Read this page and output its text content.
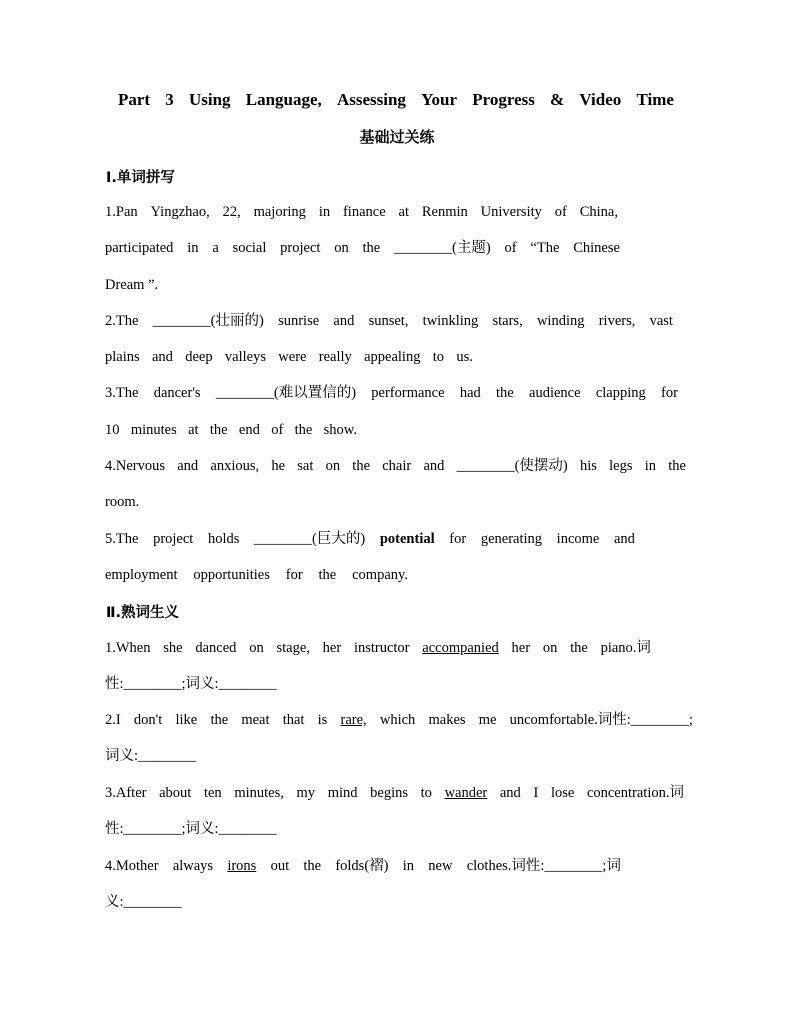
Part 3 Using Language, Assessing Your Progress & Video Time
基础过关练
Ⅰ.单词拼写
1.Pan Yingzhao, 22, majoring in finance at Renmin University of China,
participated in a social project on the ________(主题) of “The Chinese
Dream ”.
2.The ________(壮丽的) sunrise and sunset, twinkling stars, winding rivers, vast
plains and deep valleys were really appealing to us.
3.The dancer's ________(难以置信的) performance had the audience clapping for
10 minutes at the end of the show.
4.Nervous and anxious, he sat on the chair and ________(使摆动) his legs in the
room.
5.The project holds ________(巨大的) potential for generating income and
employment opportunities for the company.
Ⅱ.熟词生义
1.When she danced on stage, her instructor accompanied her on the piano.词
性:________;词义:________
2.I don't like the meat that is rare, which makes me uncomfortable.词性:________;
词义:________
3.After about ten minutes, my mind begins to wander and I lose concentration.词
性:________;词义:________
4.Mother always irons out the folds(褶) in new clothes.词性:________;词
义:________
